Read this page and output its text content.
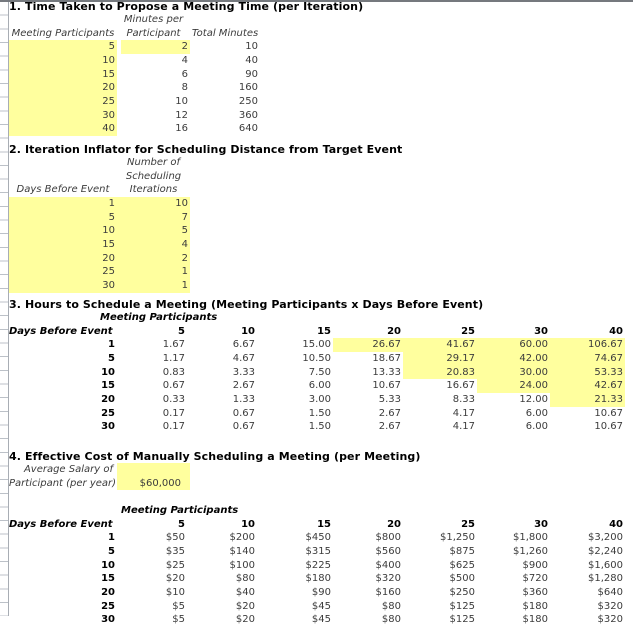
1. Time Taken to Propose a Meeting Time (per Iteration)
Minutes per
Meeting Participants	Participant	Total Minutes
5	2	10
10	4	40
15	6	90
20	8	160
25	10	250
30	12	360
40	16	640
2. Iteration Inflator for Scheduling Distance from Target Event
Number of
Scheduling
Days Before Event	Iterations
1	10
5	7
10	5
15	4
20	2
25	1
30	1
3. Hours to Schedule a Meeting (Meeting Participants x Days Before Event)
Meeting Participants
Days Before Event	5	10	15	20	25	30	40
1	1.67	6.67	15.00	26.67	41.67	60.00	106.67
5	1.17	4.67	10.50	18.67	29.17	42.00	74.67
10	0.83	3.33	7.50	13.33	20.83	30.00	53.33
15	0.67	2.67	6.00	10.67	16.67	24.00	42.67
20	0.33	1.33	3.00	5.33	8.33	12.00	21.33
25	0.17	0.67	1.50	2.67	4.17	6.00	10.67
30	0.17	0.67	1.50	2.67	4.17	6.00	10.67
4. Effective Cost of Manually Scheduling a Meeting (per Meeting)
Average Salary of
$60,000
Participant (per year)
Meeting Participants
Days Before Event	5	10	15	20	25	30	40
1	$50	$200	$450	$800	$1,250	$1,800	$3,200
5	$35	$140	$315	$560	$875	$1,260	$2,240
10	$25	$100	$225	$400	$625	$900	$1,600
15	$20	$80	$180	$320	$500	$720	$1,280
20	$10	$40	$90	$160	$250	$360	$640
25	$5	$20	$45	$80	$125	$180	$320
30	$5	$20	$45	$80	$125	$180	$320
